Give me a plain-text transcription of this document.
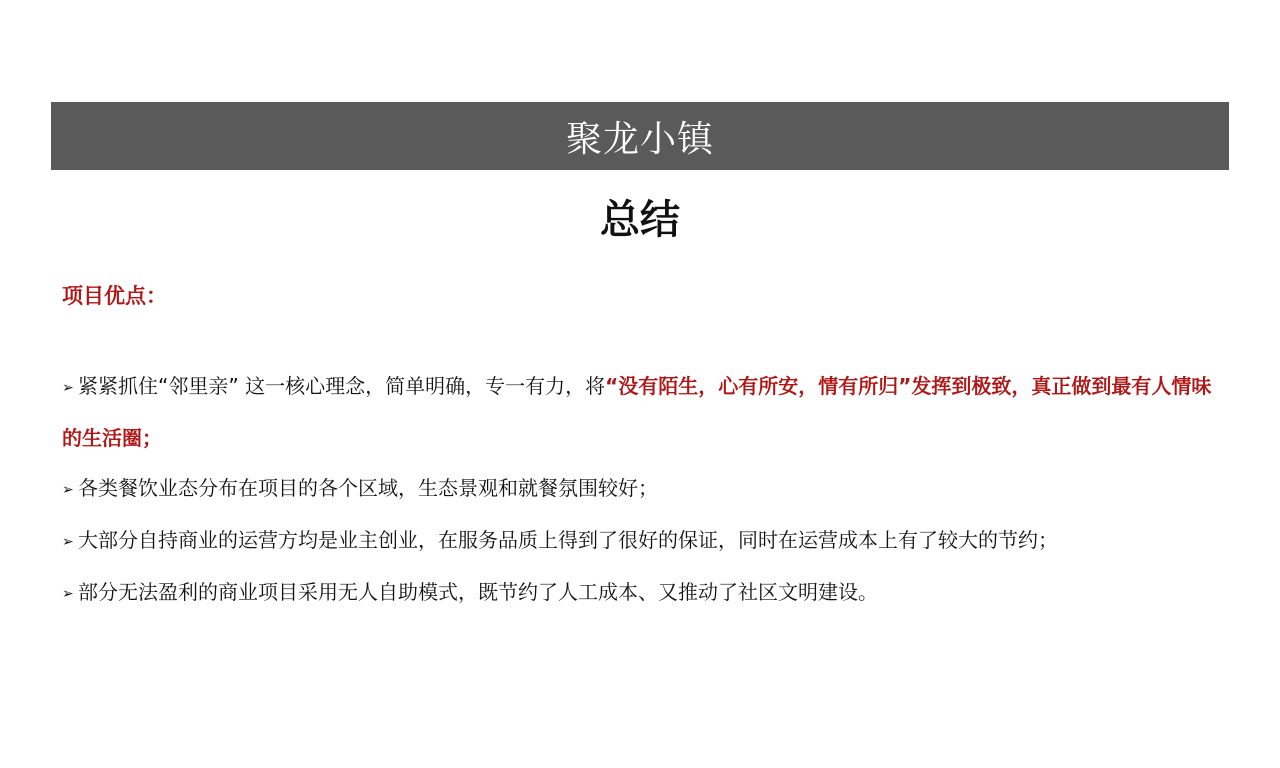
聚龙小镇
总结
项目优点：

➢ 紧紧抓住“邻里亲” 这一核心理念，简单明确，专一有力，将“没有陌生，心有所安，情有所归”发挥到极致，真正做到最有人情味的生活圈；

➢ 各类餐饮业态分布在项目的各个区域，生态景观和就餐氛围较好；

➢ 大部分自持商业的运营方均是业主创业，在服务品质上得到了很好的保证，同时在运营成本上有了较大的节约；

➢ 部分无法盈利的商业项目采用无人自助模式，既节约了人工成本、又推动了社区文明建设。
